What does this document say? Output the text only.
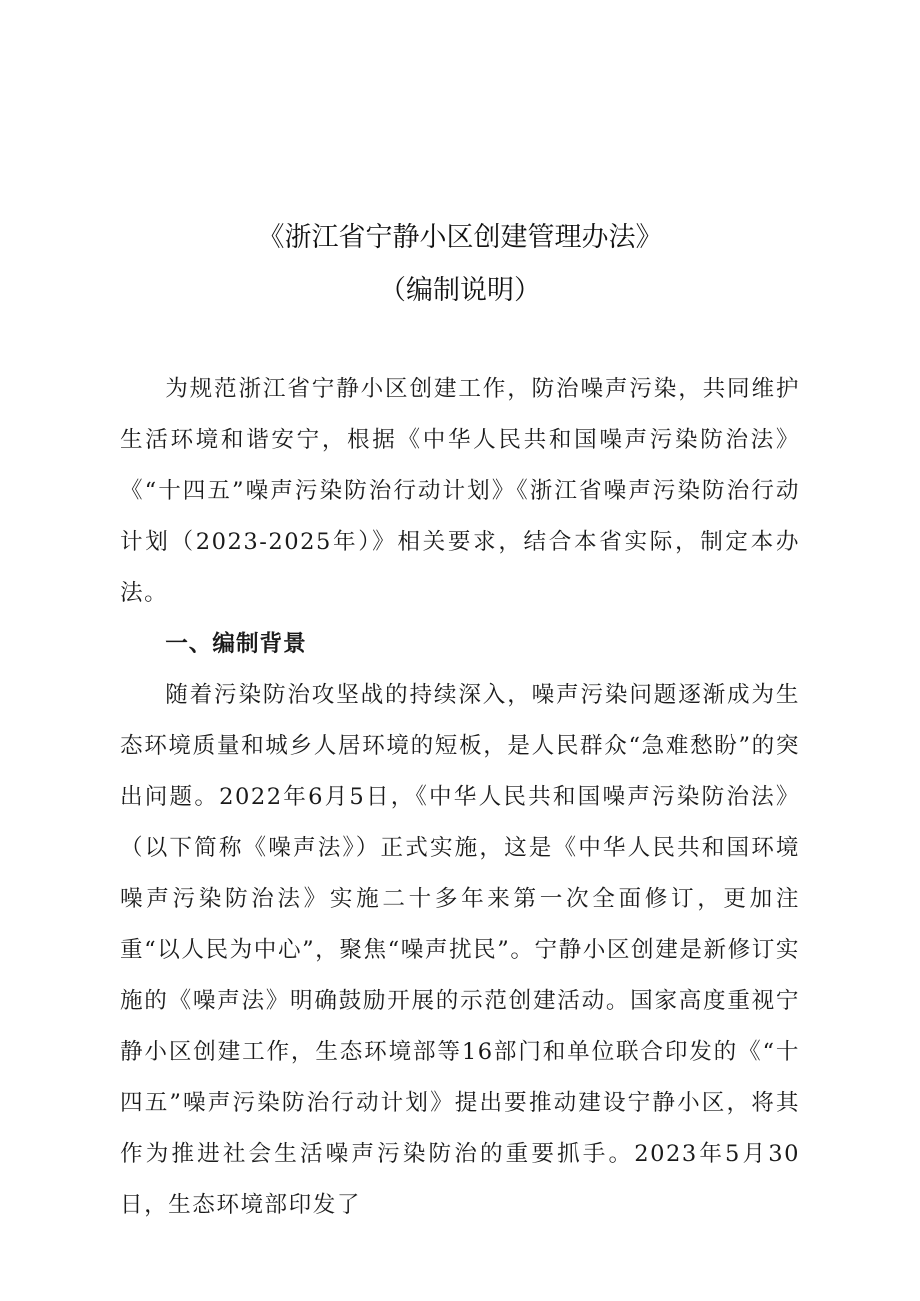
《浙江省宁静小区创建管理办法》
（编制说明）

为规范浙江省宁静小区创建工作，防治噪声污染，共同维护生活环境和谐安宁，根据《中华人民共和国噪声污染防治法》《“十四五”噪声污染防治行动计划》《浙江省噪声污染防治行动计划（2023-2025年）》相关要求，结合本省实际，制定本办法。

一、编制背景

随着污染防治攻坚战的持续深入，噪声污染问题逐渐成为生态环境质量和城乡人居环境的短板，是人民群众“急难愁盼”的突出问题。2022年6月5日，《中华人民共和国噪声污染防治法》（以下简称《噪声法》）正式实施，这是《中华人民共和国环境噪声污染防治法》实施二十多年来第一次全面修订，更加注重“以人民为中心”，聚焦“噪声扰民”。宁静小区创建是新修订实施的《噪声法》明确鼓励开展的示范创建活动。国家高度重视宁静小区创建工作，生态环境部等16部门和单位联合印发的《“十四五”噪声污染防治行动计划》提出要推动建设宁静小区，将其作为推进社会生活噪声污染防治的重要抓手。2023年5月30日，生态环境部印发了
